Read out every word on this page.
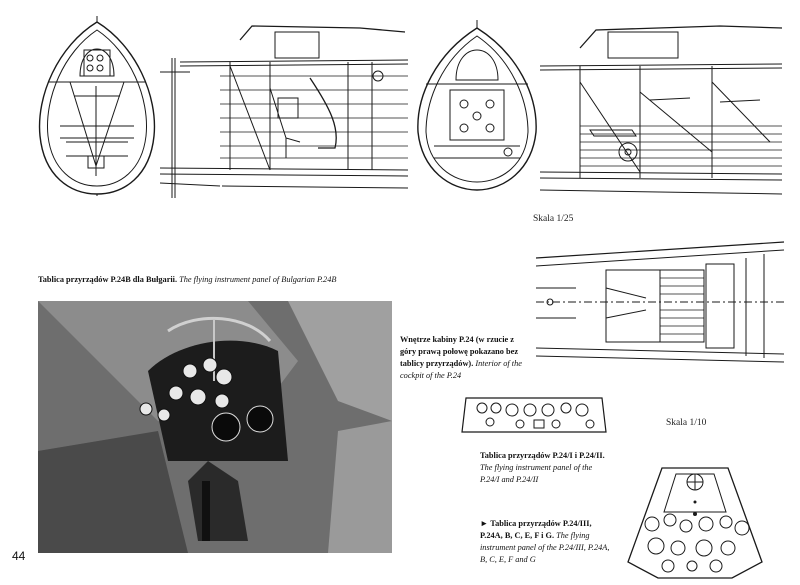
Skala 1/25
Tablica przyrządów P.24B dla Bułgarii. The flying instrument panel of Bulgarian P.24B
Wnętrze kabiny P.24 (w rzucie z góry prawą połowę pokazano bez tablicy przyrządów). Interior of the cockpit of the P.24
Skala 1/10
Tablica przyrządów P.24/I i P.24/II. The flying instrument panel of the P.24/I and P.24/II
► Tablica przyrządów P.24/III, P.24A, B, C, E, F i G. The flying instrument panel of the P.24/III, P.24A, B, C, E, F and G
44
